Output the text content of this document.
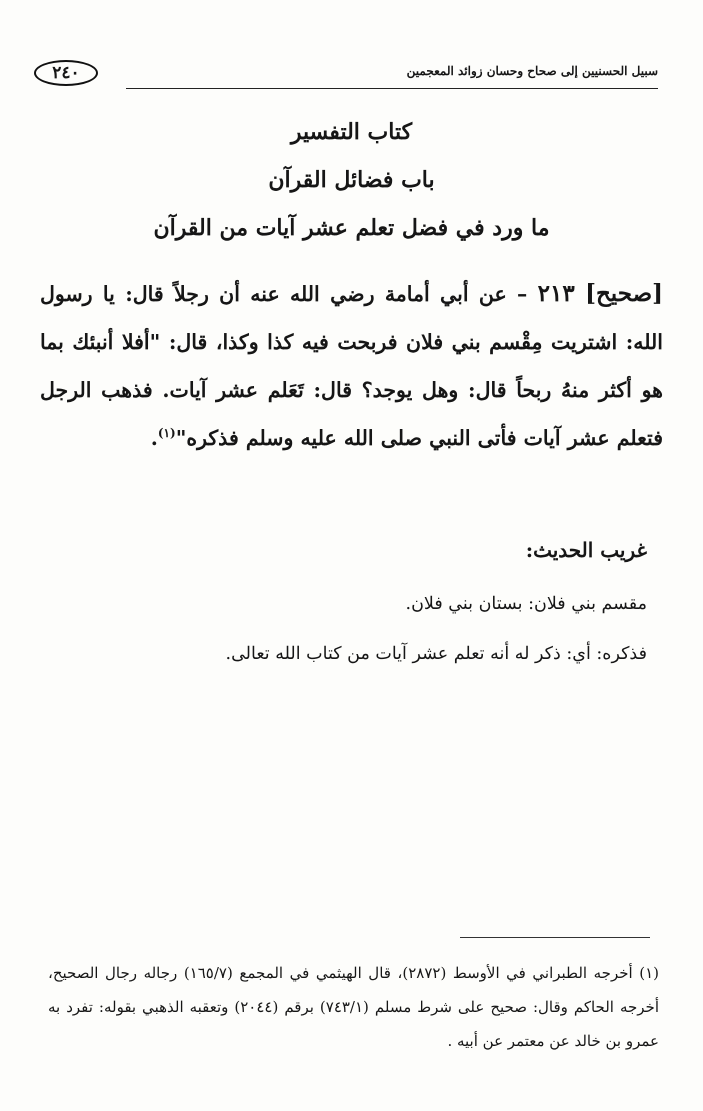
٢٤٠	سبيل الحسنيين إلى صحاح وحسان زوائد المعجمين
كتاب التفسير
باب فضائل القرآن
ما ورد في فضل تعلم عشر آيات من القرآن
[صحيح] ٢١٣ – عن أبي أمامة رضي الله عنه أن رجلاً قال: يا رسول الله: اشتريت مِقْسم بني فلان فربحت فيه كذا وكذا، قال: "أفلا أنبئك بما هو أكثر منهُ ربحاً قال: وهل يوجد؟ قال: تَعَلم عشر آيات. فذهب الرجل فتعلم عشر آيات فأتى النبي صلى الله عليه وسلم فذكره"$^{(١)}$.
غريب الحديث:
مقسم بني فلان: بستان بني فلان.
فذكره: أي: ذكر له أنه تعلم عشر آيات من كتاب الله تعالى.
(١) أخرجه الطبراني في الأوسط (٢٨٧٢)، قال الهيثمي في المجمع (١٦٥/٧) رجاله رجال الصحيح، أخرجه الحاكم وقال: صحيح على شرط مسلم (٧٤٣/١) برقم (٢٠٤٤) وتعقبه الذهبي بقوله: تفرد به عمرو بن خالد عن معتمر عن أبيه .
